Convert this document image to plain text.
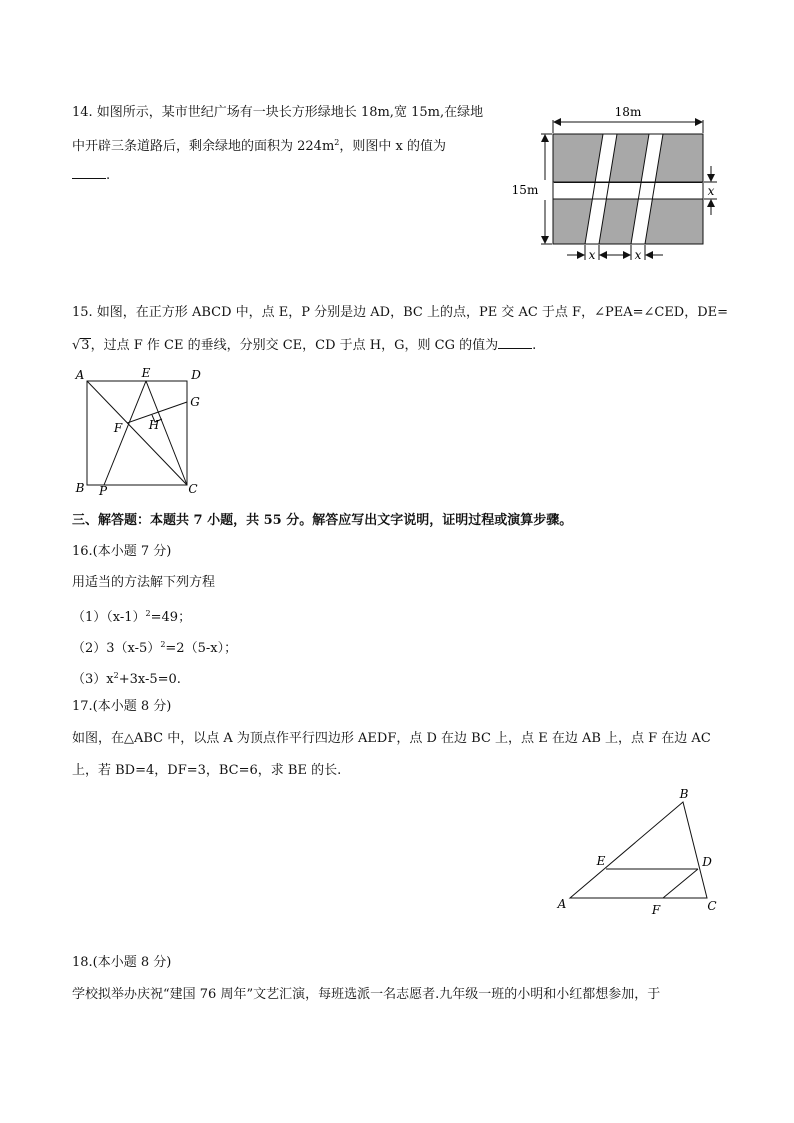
14. 如图所示，某市世纪广场有一块长方形绿地长 18m,宽 15m,在绿地
中开辟三条道路后，剩余绿地的面积为 $224m^2$，则图中 x 的值为
.
18m
15m	x
x	x
15. 如图，在正方形 ABCD 中，点 E，P 分别是边 AD，BC 上的点，PE 交 AC 于点 F，∠PEA=∠CED，DE=
√3，过点 F 作 CE 的垂线，分别交 CE，CD 于点 H，G，则 CG 的值为	.
A	E	D
G
F H
B P	C
三、解答题：本题共 7 小题，共 55 分。解答应写出文字说明，证明过程或演算步骤。
16.(本小题 7 分)
用适当的方法解下列方程
$(1)(x-1)^2=49$；
$(2)3(x-5)^2=2(5-x)$；
$(3)x^2+3x-5=0$.
17.(本小题 8 分)
如图，在△ABC 中，以点 A 为顶点作平行四边形 AEDF，点 D 在边 BC 上，点 E 在边 AB 上，点 F 在边 AC
上，若 BD=4，DF=3，BC=6，求 BE 的长.
B
E	D
A	F	C
18.(本小题 8 分)
学校拟举办庆祝“建国 76 周年”文艺汇演，每班选派一名志愿者.九年级一班的小明和小红都想参加，于
